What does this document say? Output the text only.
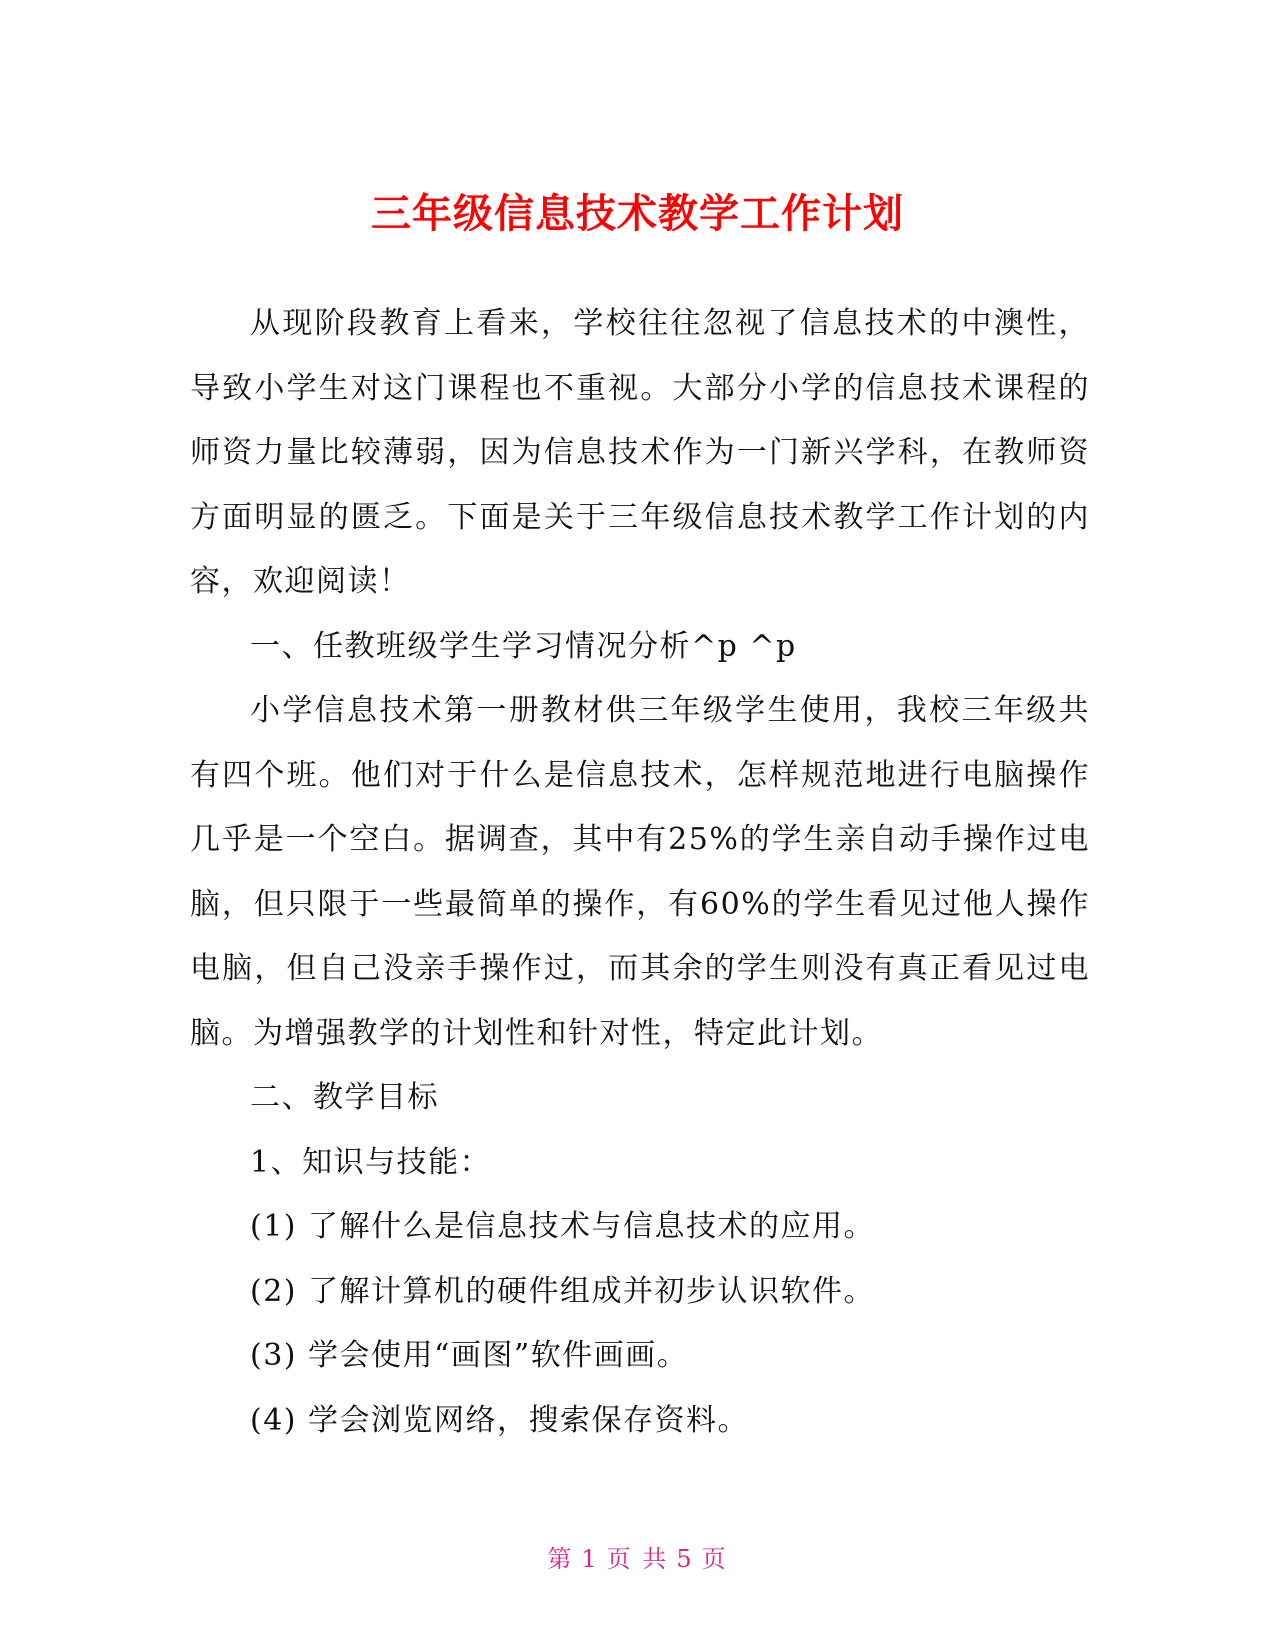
三年级信息技术教学工作计划

从现阶段教育上看来，学校往往忽视了信息技术的中澳性，导致小学生对这门课程也不重视。大部分小学的信息技术课程的师资力量比较薄弱，因为信息技术作为一门新兴学科，在教师资方面明显的匮乏。下面是关于三年级信息技术教学工作计划的内容，欢迎阅读！

一、任教班级学生学习情况分析^p ^p

小学信息技术第一册教材供三年级学生使用，我校三年级共有四个班。他们对于什么是信息技术，怎样规范地进行电脑操作几乎是一个空白。据调查，其中有25%的学生亲自动手操作过电脑，但只限于一些最简单的操作，有60%的学生看见过他人操作电脑，但自己没亲手操作过，而其余的学生则没有真正看见过电脑。为增强教学的计划性和针对性，特定此计划。

二、教学目标

1、知识与技能：

(1) 了解什么是信息技术与信息技术的应用。

(2) 了解计算机的硬件组成并初步认识软件。

(3) 学会使用“画图”软件画画。

(4) 学会浏览网络，搜索保存资料。

第 1 页 共 5 页
